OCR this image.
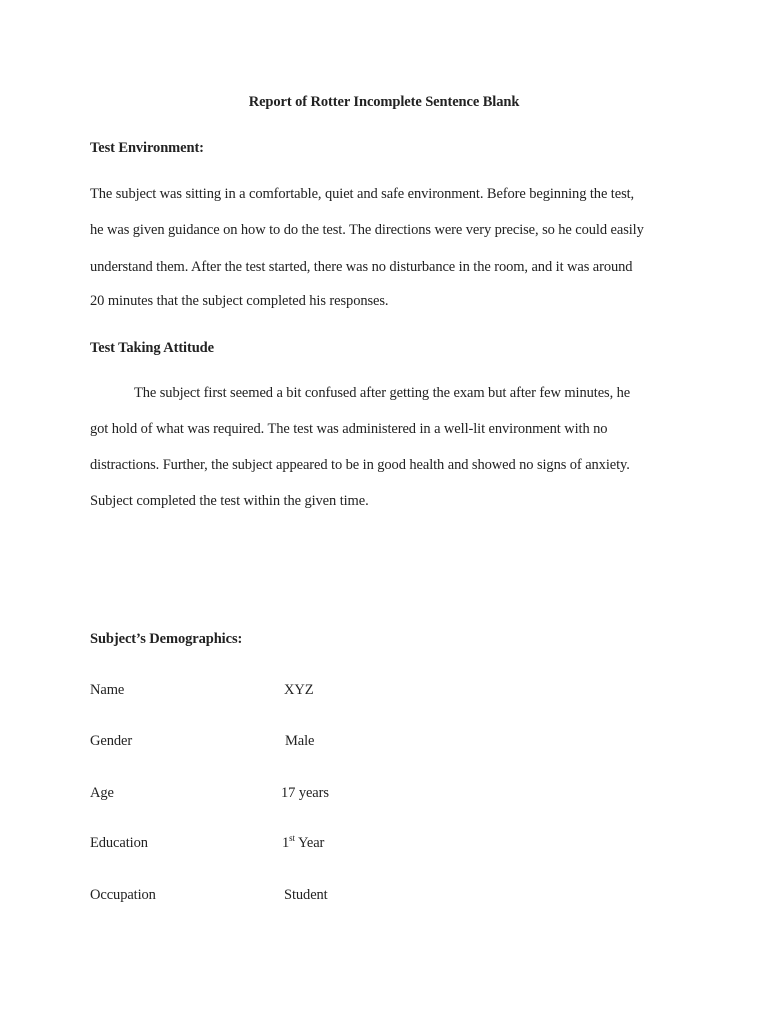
Report of Rotter Incomplete Sentence Blank
Test Environment:
The subject was sitting in a comfortable, quiet and safe environment. Before beginning the test,
he was given guidance on how to do the test. The directions were very precise, so he could easily
understand them. After the test started, there was no disturbance in the room, and it was around
20 minutes that the subject completed his responses.
Test Taking Attitude
The subject first seemed a bit confused after getting the exam but after few minutes, he
got hold of what was required. The test was administered in a well-lit environment with no
distractions. Further, the subject appeared to be in good health and showed no signs of anxiety.
Subject completed the test within the given time.
Subject’s Demographics:
Name	XYZ
Gender	Male
Age	17 years
Education	1st Year
Occupation	Student
